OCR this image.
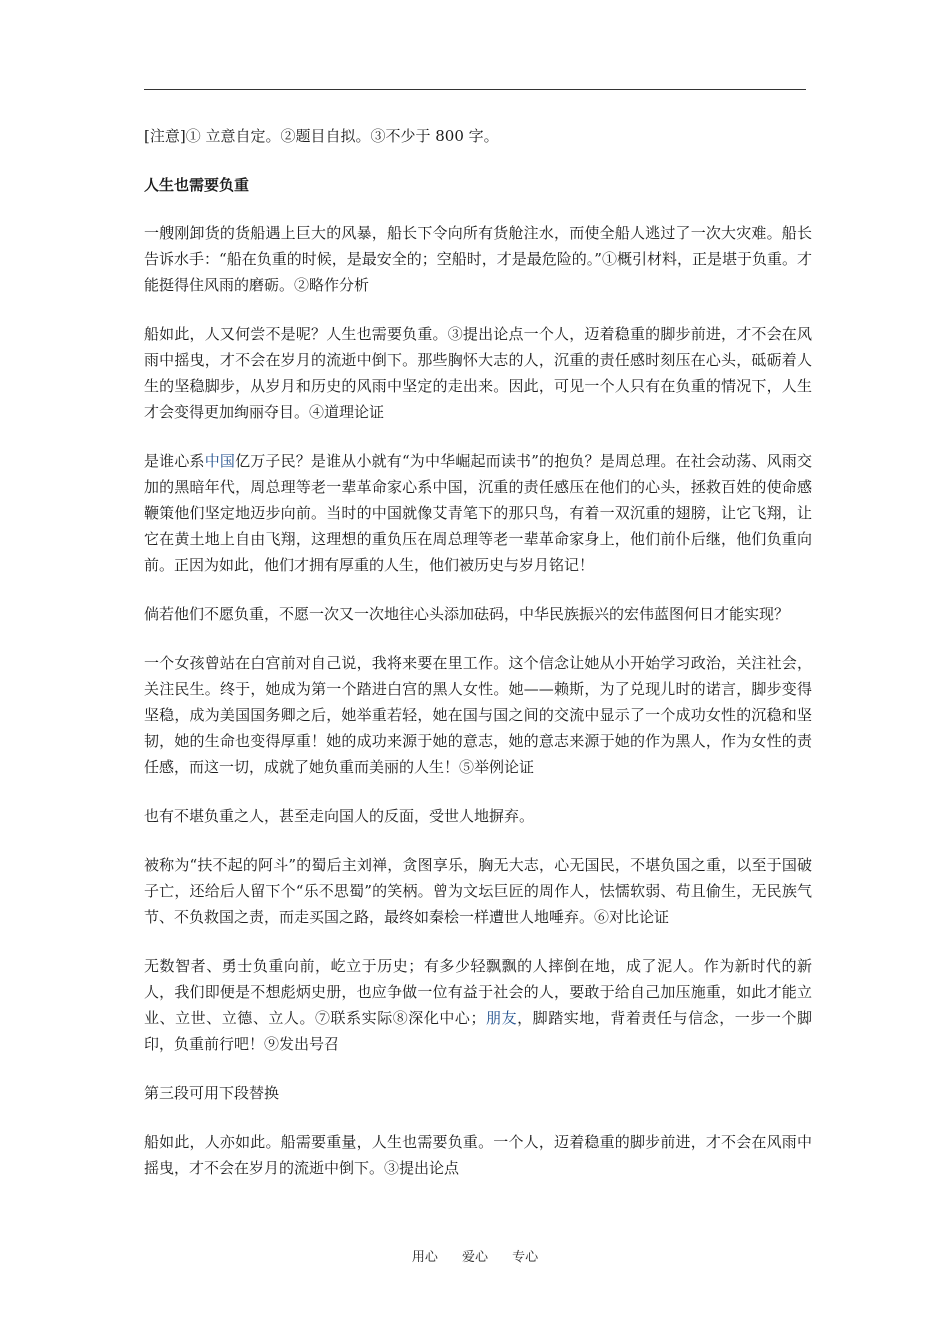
[注意]① 立意自定。②题目自拟。③不少于 800 字。

人生也需要负重

一艘刚卸货的货船遇上巨大的风暴，船长下令向所有货舱注水，而使全船人逃过了一次大灾难。船长告诉水手：“船在负重的时候，是最安全的；空船时，才是最危险的。”①概引材料，正是堪于负重。才能挺得住风雨的磨砺。②略作分析

船如此，人又何尝不是呢？人生也需要负重。③提出论点一个人，迈着稳重的脚步前进，才不会在风雨中摇曳，才不会在岁月的流逝中倒下。那些胸怀大志的人，沉重的责任感时刻压在心头，砥砺着人生的坚稳脚步，从岁月和历史的风雨中坚定的走出来。因此，可见一个人只有在负重的情况下，人生才会变得更加绚丽夺目。④道理论证

是谁心系中国亿万子民？是谁从小就有“为中华崛起而读书”的抱负？是周总理。在社会动荡、风雨交加的黑暗年代，周总理等老一辈革命家心系中国，沉重的责任感压在他们的心头，拯救百姓的使命感鞭策他们坚定地迈步向前。当时的中国就像艾青笔下的那只鸟，有着一双沉重的翅膀，让它飞翔，让它在黄土地上自由飞翔，这理想的重负压在周总理等老一辈革命家身上，他们前仆后继，他们负重向前。正因为如此，他们才拥有厚重的人生，他们被历史与岁月铭记！

倘若他们不愿负重，不愿一次又一次地往心头添加砝码，中华民族振兴的宏伟蓝图何日才能实现？

一个女孩曾站在白宫前对自己说，我将来要在里工作。这个信念让她从小开始学习政治，关注社会，关注民生。终于，她成为第一个踏进白宫的黑人女性。她——赖斯，为了兑现儿时的诺言，脚步变得坚稳，成为美国国务卿之后，她举重若轻，她在国与国之间的交流中显示了一个成功女性的沉稳和坚韧，她的生命也变得厚重！她的成功来源于她的意志，她的意志来源于她的作为黑人，作为女性的责任感，而这一切，成就了她负重而美丽的人生！⑤举例论证

也有不堪负重之人，甚至走向国人的反面，受世人地摒弃。

被称为“扶不起的阿斗”的蜀后主刘禅，贪图享乐，胸无大志，心无国民，不堪负国之重，以至于国破子亡，还给后人留下个“乐不思蜀”的笑柄。曾为文坛巨匠的周作人，怯懦软弱、苟且偷生，无民族气节、不负救国之责，而走买国之路，最终如秦桧一样遭世人地唾弃。⑥对比论证

无数智者、勇士负重向前，屹立于历史；有多少轻飘飘的人摔倒在地，成了泥人。作为新时代的新人，我们即便是不想彪炳史册，也应争做一位有益于社会的人，要敢于给自己加压施重，如此才能立业、立世、立德、立人。⑦联系实际⑧深化中心；朋友，脚踏实地，背着责任与信念，一步一个脚印，负重前行吧！⑨发出号召

第三段可用下段替换

船如此，人亦如此。船需要重量，人生也需要负重。一个人，迈着稳重的脚步前进，才不会在风雨中摇曳，才不会在岁月的流逝中倒下。③提出论点

用心 爱心 专心
